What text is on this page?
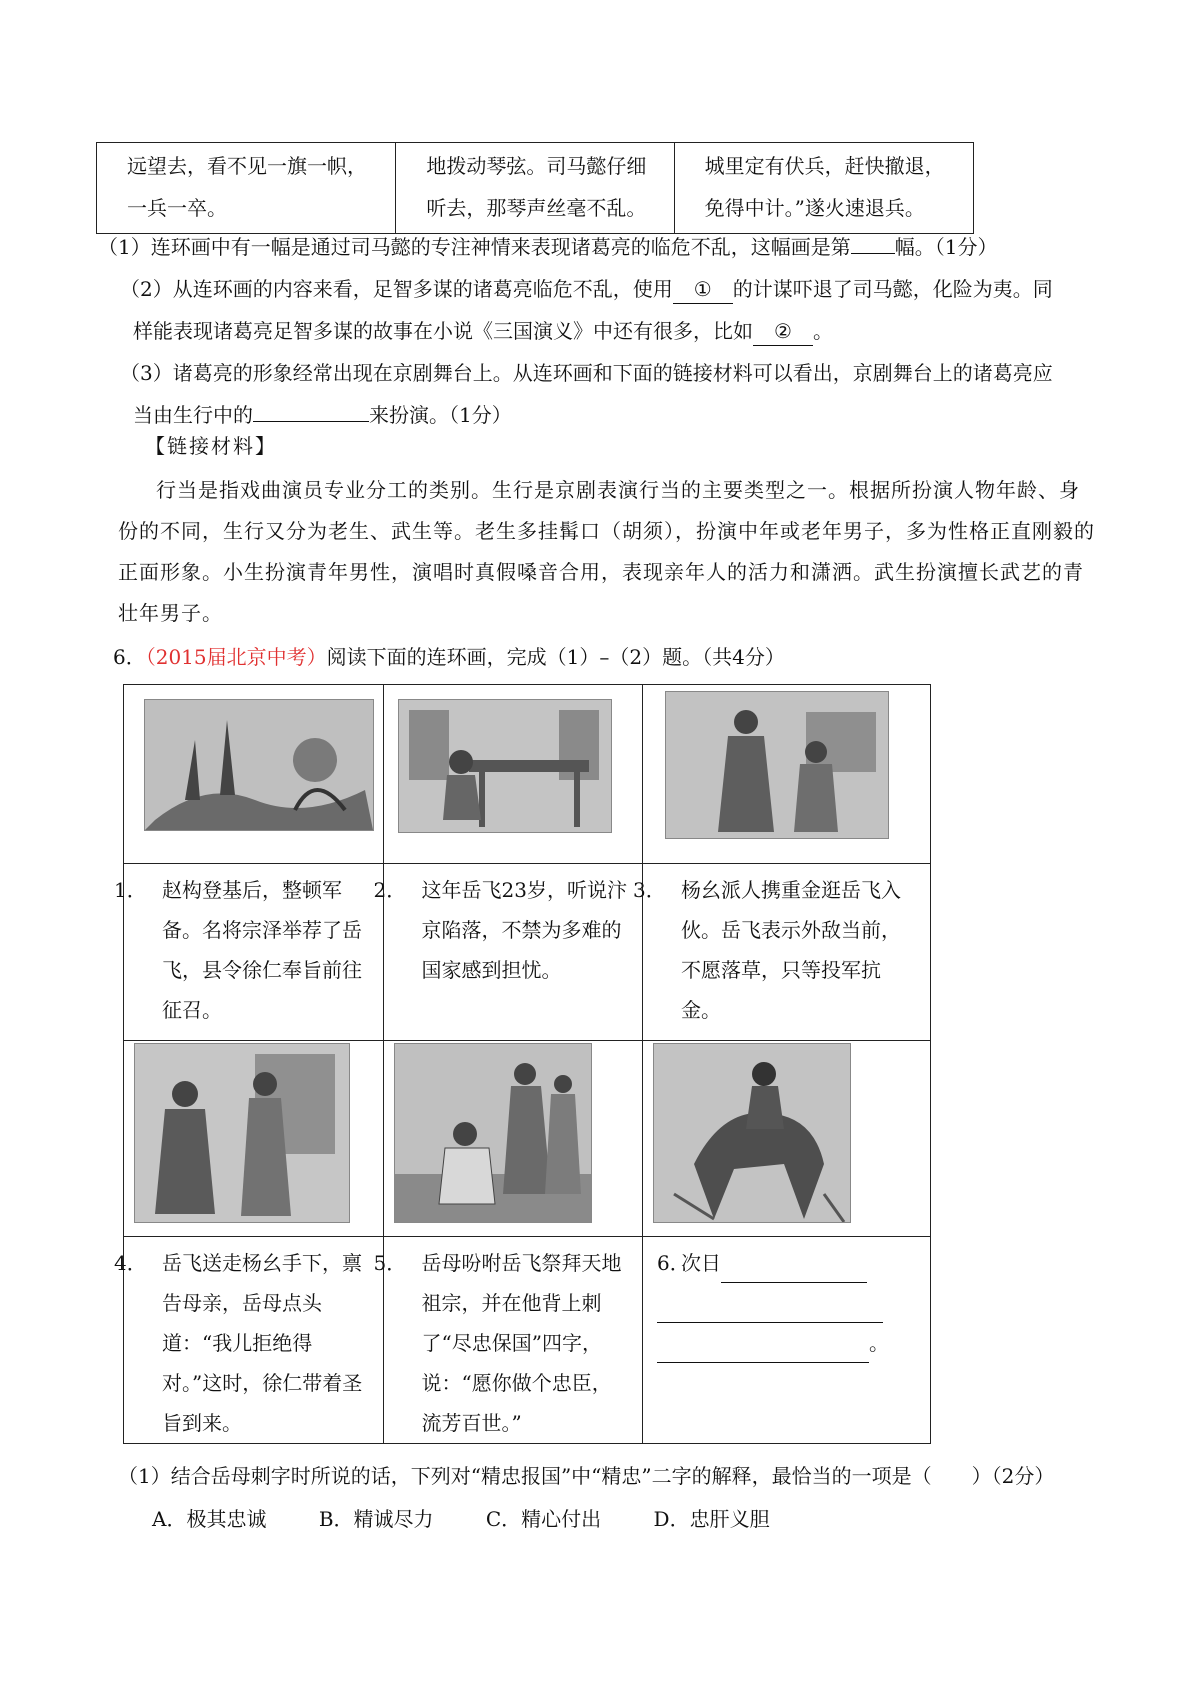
远望去，看不见一旗一帜，
一兵一卒。	地拨动琴弦。司马懿仔细
听去，那琴声丝毫不乱。	城里定有伏兵，赶快撤退，
免得中计。”遂火速退兵。
（1）连环画中有一幅是通过司马懿的专注神情来表现诸葛亮的临危不乱，这幅画是第 幅。（1分）
（2）从连环画的内容来看，足智多谋的诸葛亮临危不乱，使用 ① 的计谋吓退了司马懿，化险为夷。同
样能表现诸葛亮足智多谋的故事在小说《三国演义》中还有很多，比如 ② 。
（3）诸葛亮的形象经常出现在京剧舞台上。从连环画和下面的链接材料可以看出，京剧舞台上的诸葛亮应
当由生行中的	来扮演。（1分）
【链接材料】
行当是指戏曲演员专业分工的类别。生行是京剧表演行当的主要类型之一。根据所扮演人物年龄、身份的不同，生行又分为老生、武生等。老生多挂髯口（胡须），扮演中年或老年男子，多为性格正直刚毅的正面形象。小生扮演青年男性，演唱时真假嗓音合用，表现亲年人的活力和潇洒。武生扮演擅长武艺的青壮年男子。
6．（2015届北京中考）阅读下面的连环画，完成（1）–（2）题。（共4分）

1． 赵构登基后，整顿军备。名将宗泽举荐了岳飞，县令徐仁奉旨前往征召。	2． 这年岳飞23岁，听说汴京陷落，不禁为多难的国家感到担忧。	3． 杨幺派人携重金逛岳飞入伙。岳飞表示外敌当前，不愿落草，只等投军抗金。

4． 岳飞送走杨幺手下，禀告母亲，岳母点头道：“我儿拒绝得对。”这时，徐仁带着圣旨到来。	5． 岳母吩咐岳飞祭拜天地祖宗，并在他背上刺了“尽忠保国”四字，说：“愿你做个忠臣，流芳百世。”	6．次日
。
（1）结合岳母刺字时所说的话，下列对“精忠报国”中“精忠”二字的解释，最恰当的一项是（　　）（2分）
A．极其忠诚	B．精诚尽力	C．精心付出	D．忠肝义胆
